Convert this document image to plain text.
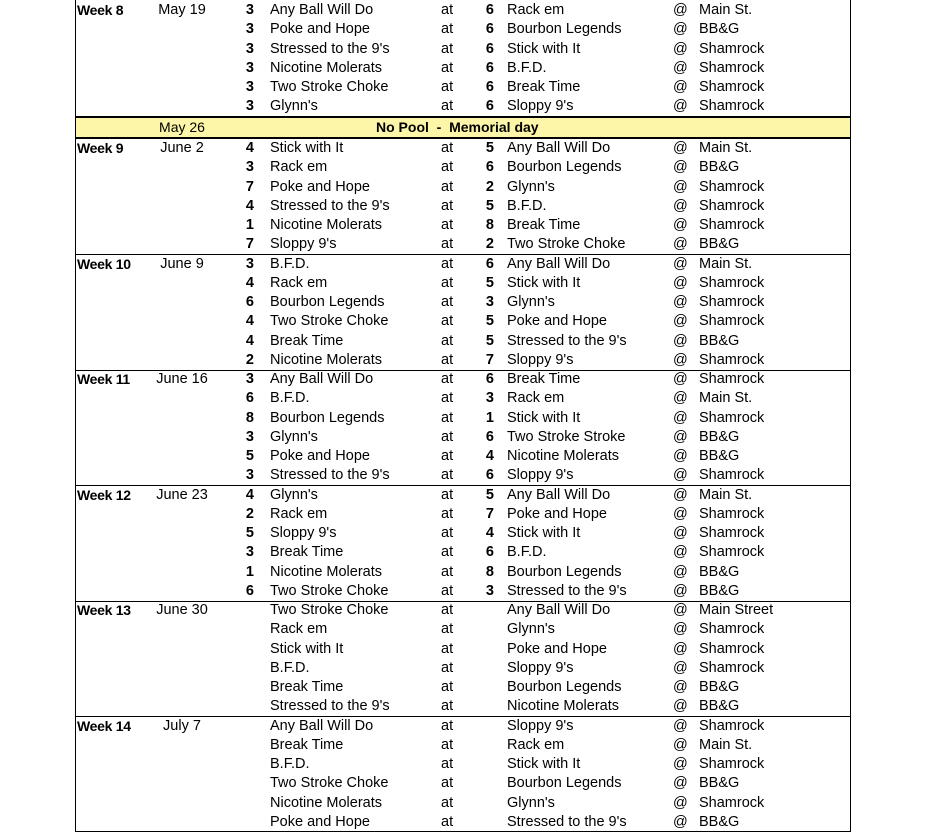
Week 8	May 19	3 Any Ball Will Do	at	6 Rack em	@ Main St.
3 Poke and Hope	at	6 Bourbon Legends	@ BB&G
3 Stressed to the 9's	at	6 Stick with It	@ Shamrock
3 Nicotine Molerats	at	6 B.F.D.	@ Shamrock
3 Two Stroke Choke	at	6 Break Time	@ Shamrock
3 Glynn's	at	6 Sloppy 9's	@ Shamrock
May 26	No Pool  -  Memorial day
Week 9	June 2	4 Stick with It	at	5 Any Ball Will Do	@ Main St.
3 Rack em	at	6 Bourbon Legends	@ BB&G
7 Poke and Hope	at	2 Glynn's	@ Shamrock
4 Stressed to the 9's	at	5 B.F.D.	@ Shamrock
1 Nicotine Molerats	at	8 Break Time	@ Shamrock
7 Sloppy 9's	at	2 Two Stroke Choke	@ BB&G
Week 10	June 9	3 B.F.D.	at	6 Any Ball Will Do	@ Main St.
4 Rack em	at	5 Stick with It	@ Shamrock
6 Bourbon Legends	at	3 Glynn's	@ Shamrock
4 Two Stroke Choke	at	5 Poke and Hope	@ Shamrock
4 Break Time	at	5 Stressed to the 9's	@ BB&G
2 Nicotine Molerats	at	7 Sloppy 9's	@ Shamrock
Week 11	June 16	3 Any Ball Will Do	at	6 Break Time	@ Shamrock
6 B.F.D.	at	3 Rack em	@ Main St.
8 Bourbon Legends	at	1 Stick with It	@ Shamrock
3 Glynn's	at	6 Two Stroke Stroke	@ BB&G
5 Poke and Hope	at	4 Nicotine Molerats	@ BB&G
3 Stressed to the 9's	at	6 Sloppy 9's	@ Shamrock
Week 12	June 23	4 Glynn's	at	5 Any Ball Will Do	@ Main St.
2 Rack em	at	7 Poke and Hope	@ Shamrock
5 Sloppy 9's	at	4 Stick with It	@ Shamrock
3 Break Time	at	6 B.F.D.	@ Shamrock
1 Nicotine Molerats	at	8 Bourbon Legends	@ BB&G
6 Two Stroke Choke	at	3 Stressed to the 9's	@ BB&G
Week 13	June 30	Two Stroke Choke	at	Any Ball Will Do	@ Main Street
Rack em	at	Glynn's	@ Shamrock
Stick with It	at	Poke and Hope	@ Shamrock
B.F.D.	at	Sloppy 9's	@ Shamrock
Break Time	at	Bourbon Legends	@ BB&G
Stressed to the 9's	at	Nicotine Molerats	@ BB&G
Week 14	July 7	Any Ball Will Do	at	Sloppy 9's	@ Shamrock
Break Time	at	Rack em	@ Main St.
B.F.D.	at	Stick with It	@ Shamrock
Two Stroke Choke	at	Bourbon Legends	@ BB&G
Nicotine Molerats	at	Glynn's	@ Shamrock
Poke and Hope	at	Stressed to the 9's	@ BB&G
